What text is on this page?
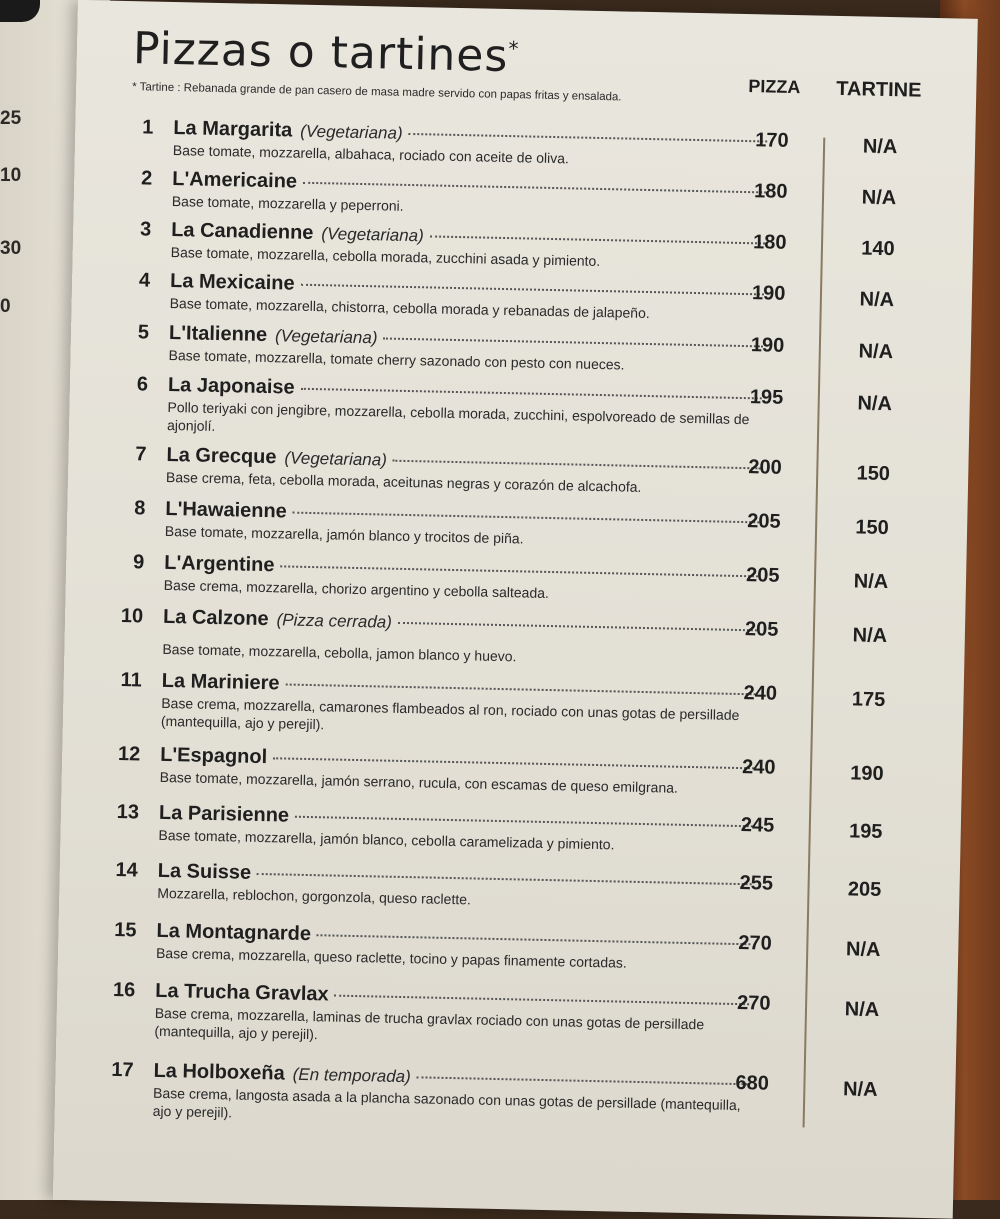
25
10
30
0
Pizzas o tartines*
* Tartine : Rebanada grande de pan casero de masa madre servido con papas fritas y ensalada.	PIZZA TARTINE
1 La Margarita (Vegetariana)	170	N/A
Base tomate, mozzarella, albahaca, rociado con aceite de oliva.
2 L'Americaine	180	N/A
Base tomate, mozzarella y peperroni.
3 La Canadienne (Vegetariana)	180	140
Base tomate, mozzarella, cebolla morada, zucchini asada y pimiento.
4 La Mexicaine	190	N/A
Base tomate, mozzarella, chistorra, cebolla morada y rebanadas de jalapeño.
5 L'Italienne (Vegetariana)	190	N/A
Base tomate, mozzarella, tomate cherry sazonado con pesto con nueces.
6 La Japonaise	195	N/A
Pollo teriyaki con jengibre, mozzarella, cebolla morada, zucchini, espolvoreado de semillas de ajonjolí.
7 La Grecque (Vegetariana)	200	150
Base crema, feta, cebolla morada, aceitunas negras y corazón de alcachofa.
8 L'Hawaienne	205	150
Base tomate, mozzarella, jamón blanco y trocitos de piña.
9 L'Argentine	205	N/A
Base crema, mozzarella, chorizo argentino y cebolla salteada.
10 La Calzone (Pizza cerrada)	205	N/A
Base tomate, mozzarella, cebolla, jamon blanco y huevo.
11 La Mariniere	240	175
Base crema, mozzarella, camarones flambeados al ron, rociado con unas gotas de persillade (mantequilla, ajo y perejil).
12 L'Espagnol	240	190
Base tomate, mozzarella, jamón serrano, rucula, con escamas de queso emilgrana.
13 La Parisienne	245	195
Base tomate, mozzarella, jamón blanco, cebolla caramelizada y pimiento.
14 La Suisse	255	205
Mozzarella, reblochon, gorgonzola, queso raclette.
15 La Montagnarde	270	N/A
Base crema, mozzarella, queso raclette, tocino y papas finamente cortadas.
16 La Trucha Gravlax	270	N/A
Base crema, mozzarella, laminas de trucha gravlax rociado con unas gotas de persillade (mantequilla, ajo y perejil).
17 La Holboxeña (En temporada)	680	N/A
Base crema, langosta asada a la plancha sazonado con unas gotas de persillade (mantequilla, ajo y perejil).
